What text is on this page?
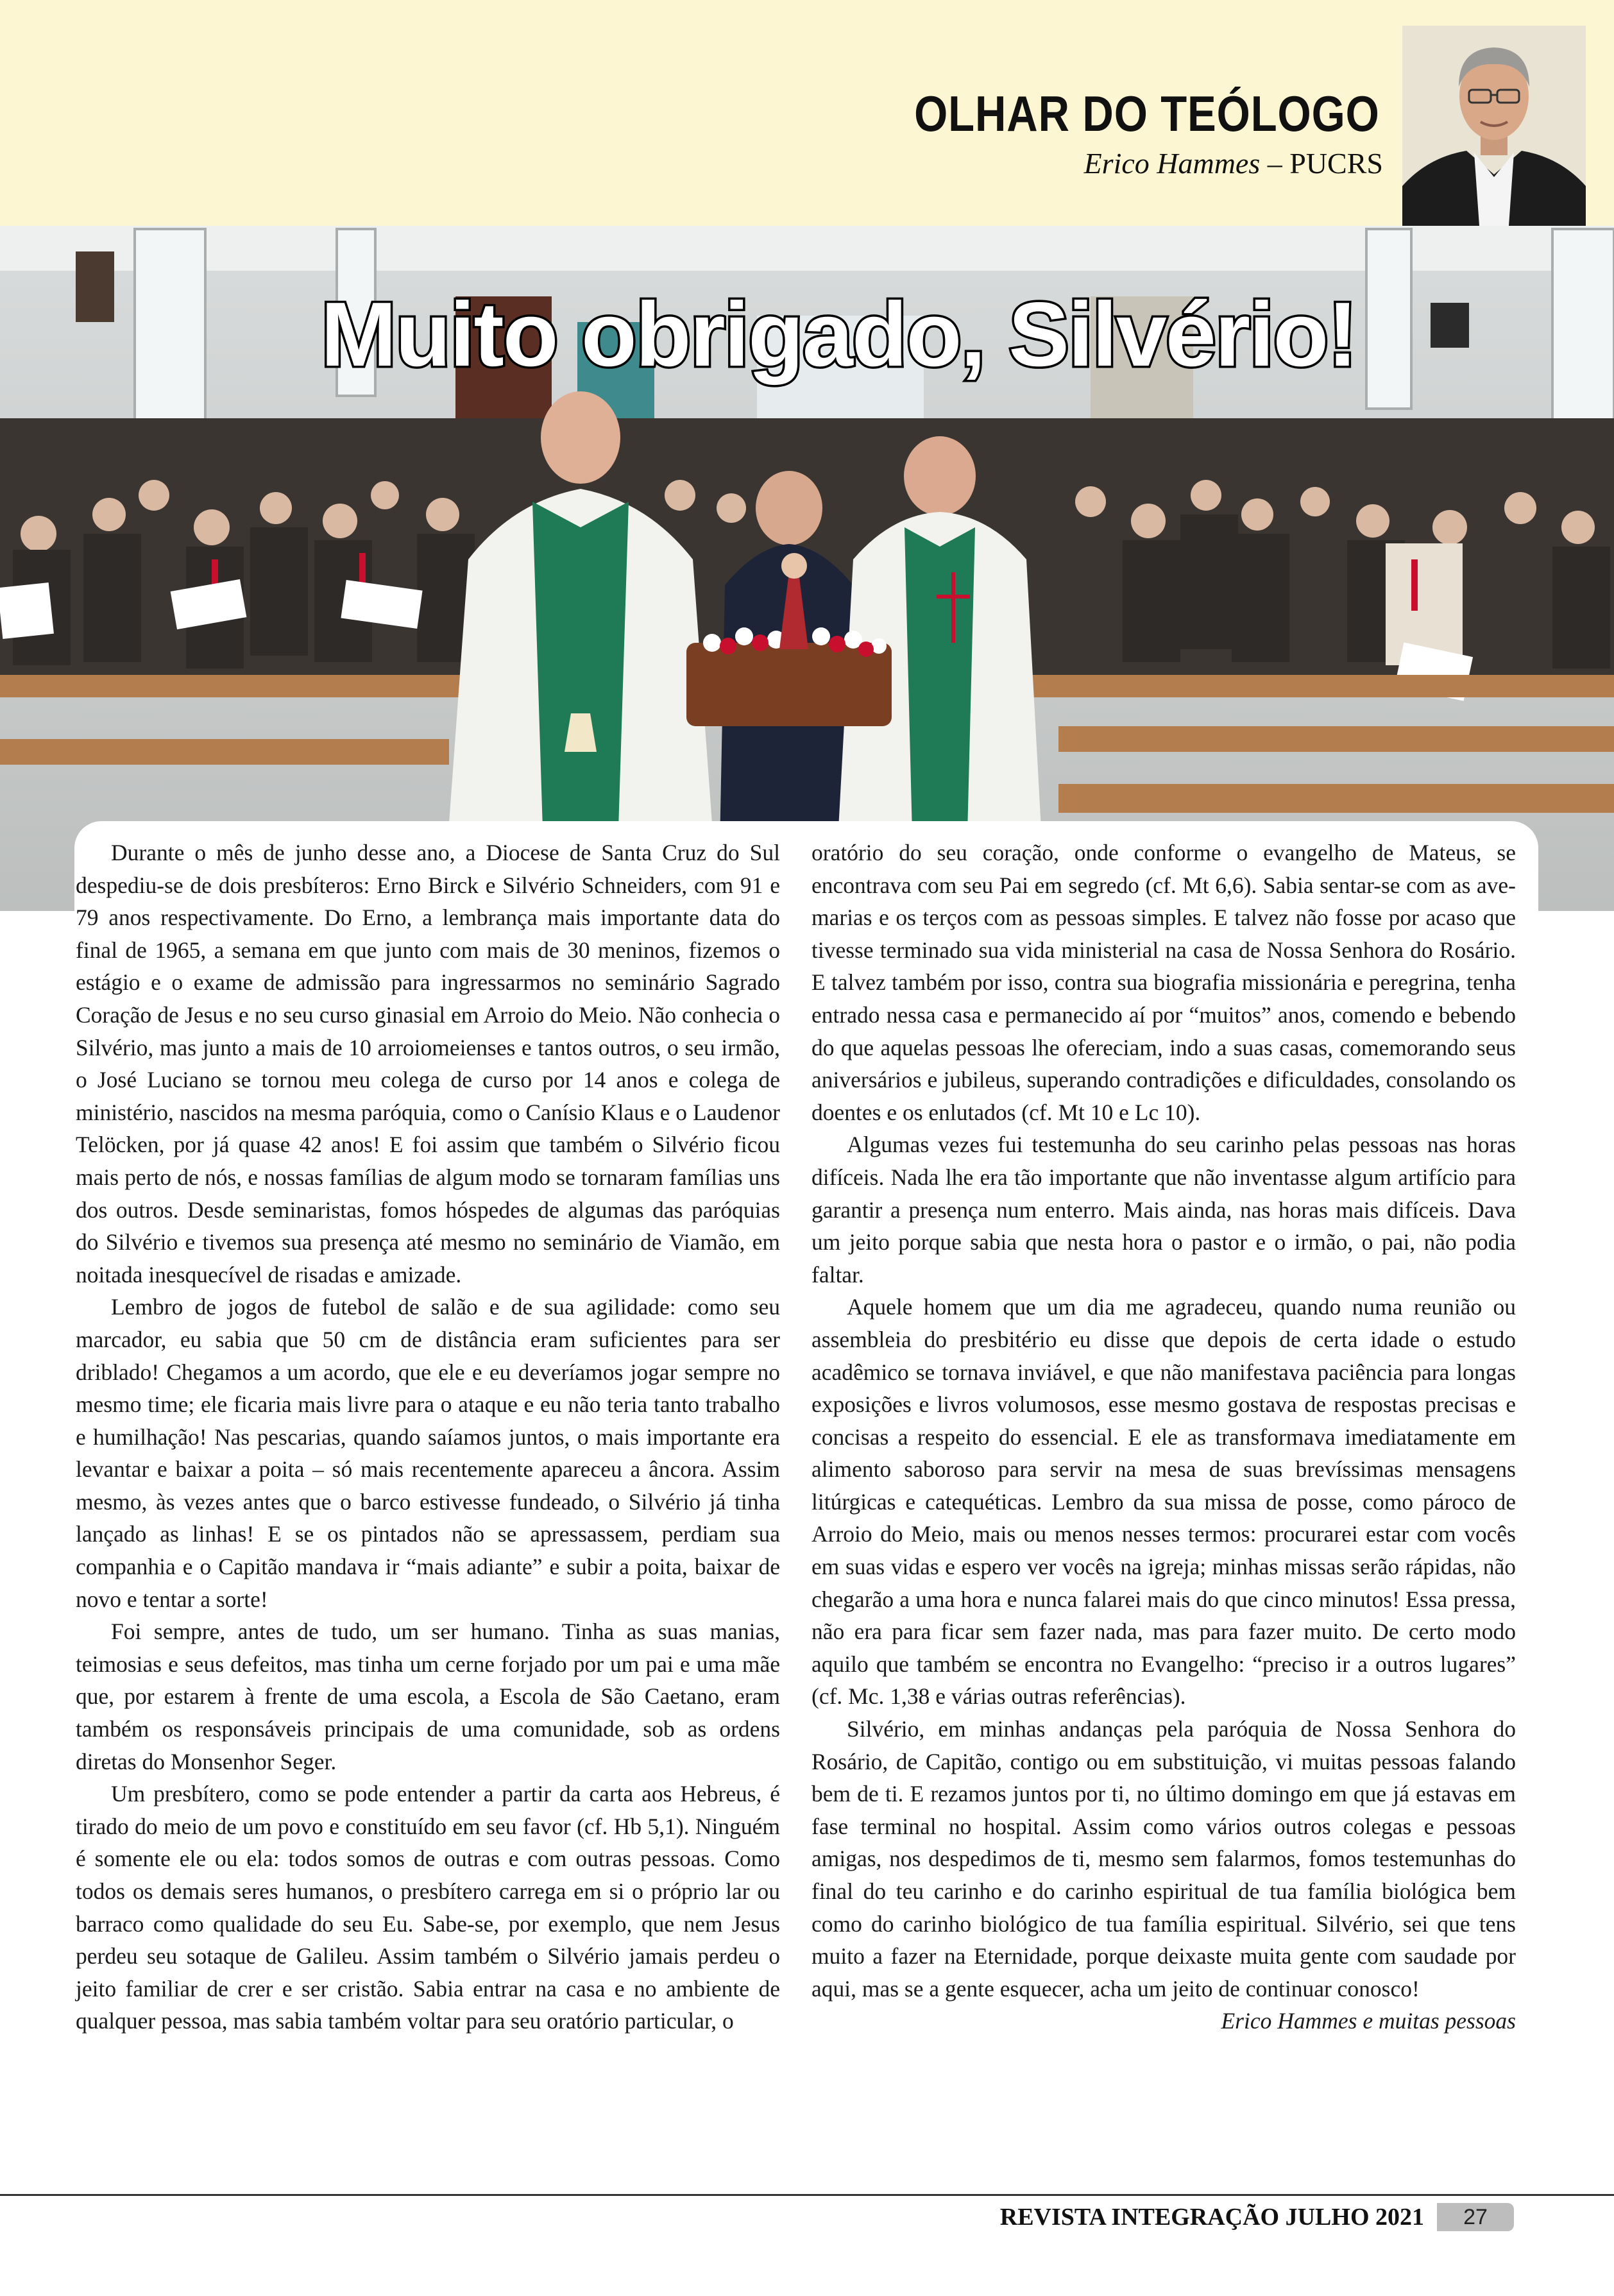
OLHAR DO TEÓLOGO
Erico Hammes – PUCRS
Muito obrigado, Silvério!

Durante o mês de junho desse ano, a Diocese de Santa Cruz do Sul despediu-se de dois presbíteros: Erno Birck e Silvério Schneiders, com 91 e 79 anos respectivamente. Do Erno, a lembrança mais importante data do final de 1965, a semana em que junto com mais de 30 meninos, fizemos o estágio e o exame de admissão para ingressarmos no seminário Sagrado Coração de Jesus e no seu curso ginasial em Arroio do Meio. Não conhecia o Silvério, mas junto a mais de 10 arroiomeienses e tantos outros, o seu irmão, o José Luciano se tornou meu colega de curso por 14 anos e colega de ministério, nascidos na mesma paróquia, como o Canísio Klaus e o Laudenor Telöcken, por já quase 42 anos! E foi assim que também o Silvério ficou mais perto de nós, e nossas famílias de algum modo se tornaram famílias uns dos outros. Desde seminaristas, fomos hóspedes de algumas das paróquias do Silvério e tivemos sua presença até mesmo no seminário de Viamão, em noitada inesquecível de risadas e amizade.

Lembro de jogos de futebol de salão e de sua agilidade: como seu marcador, eu sabia que 50 cm de distância eram suficientes para ser driblado! Chegamos a um acordo, que ele e eu deveríamos jogar sempre no mesmo time; ele ficaria mais livre para o ataque e eu não teria tanto trabalho e humilhação! Nas pescarias, quando saíamos juntos, o mais importante era levantar e baixar a poita – só mais recentemente apareceu a âncora. Assim mesmo, às vezes antes que o barco estivesse fundeado, o Silvério já tinha lançado as linhas! E se os pintados não se apressassem, perdiam sua companhia e o Capitão mandava ir “mais adiante” e subir a poita, baixar de novo e tentar a sorte!

Foi sempre, antes de tudo, um ser humano. Tinha as suas manias, teimosias e seus defeitos, mas tinha um cerne forjado por um pai e uma mãe que, por estarem à frente de uma escola, a Escola de São Caetano, eram também os responsáveis principais de uma comunidade, sob as ordens diretas do Monsenhor Seger.

Um presbítero, como se pode entender a partir da carta aos Hebreus, é tirado do meio de um povo e constituído em seu favor (cf. Hb 5,1). Ninguém é somente ele ou ela: todos somos de outras e com outras pessoas. Como todos os demais seres humanos, o presbítero carrega em si o próprio lar ou barraco como qualidade do seu Eu. Sabe-se, por exemplo, que nem Jesus perdeu seu sotaque de Galileu. Assim também o Silvério jamais perdeu o jeito familiar de crer e ser cristão. Sabia entrar na casa e no ambiente de qualquer pessoa, mas sabia também voltar para seu oratório particular, o

oratório do seu coração, onde conforme o evangelho de Mateus, se encontrava com seu Pai em segredo (cf. Mt 6,6). Sabia sentar-se com as ave-marias e os terços com as pessoas simples. E talvez não fosse por acaso que tivesse terminado sua vida ministerial na casa de Nossa Senhora do Rosário. E talvez também por isso, contra sua biografia missionária e peregrina, tenha entrado nessa casa e permanecido aí por “muitos” anos, comendo e bebendo do que aquelas pessoas lhe ofereciam, indo a suas casas, comemorando seus aniversários e jubileus, superando contradições e dificuldades, consolando os doentes e os enlutados (cf. Mt 10 e Lc 10).

Algumas vezes fui testemunha do seu carinho pelas pessoas nas horas difíceis. Nada lhe era tão importante que não inventasse algum artifício para garantir a presença num enterro. Mais ainda, nas horas mais difíceis. Dava um jeito porque sabia que nesta hora o pastor e o irmão, o pai, não podia faltar.

Aquele homem que um dia me agradeceu, quando numa reunião ou assembleia do presbitério eu disse que depois de certa idade o estudo acadêmico se tornava inviável, e que não manifestava paciência para longas exposições e livros volumosos, esse mesmo gostava de respostas precisas e concisas a respeito do essencial. E ele as transformava imediatamente em alimento saboroso para servir na mesa de suas brevíssimas mensagens litúrgicas e catequéticas. Lembro da sua missa de posse, como pároco de Arroio do Meio, mais ou menos nesses termos: procurarei estar com vocês em suas vidas e espero ver vocês na igreja; minhas missas serão rápidas, não chegarão a uma hora e nunca falarei mais do que cinco minutos! Essa pressa, não era para ficar sem fazer nada, mas para fazer muito. De certo modo aquilo que também se encontra no Evangelho: “preciso ir a outros lugares” (cf. Mc. 1,38 e várias outras referências).

Silvério, em minhas andanças pela paróquia de Nossa Senhora do Rosário, de Capitão, contigo ou em substituição, vi muitas pessoas falando bem de ti. E rezamos juntos por ti, no último domingo em que já estavas em fase terminal no hospital. Assim como vários outros colegas e pessoas amigas, nos despedimos de ti, mesmo sem falarmos, fomos testemunhas do final do teu carinho e do carinho espiritual de tua família biológica bem como do carinho biológico de tua família espiritual. Silvério, sei que tens muito a fazer na Eternidade, porque deixaste muita gente com saudade por aqui, mas se a gente esquecer, acha um jeito de continuar conosco!

Erico Hammes e muitas pessoas

REVISTA INTEGRAÇÃO JULHO 2021	27
